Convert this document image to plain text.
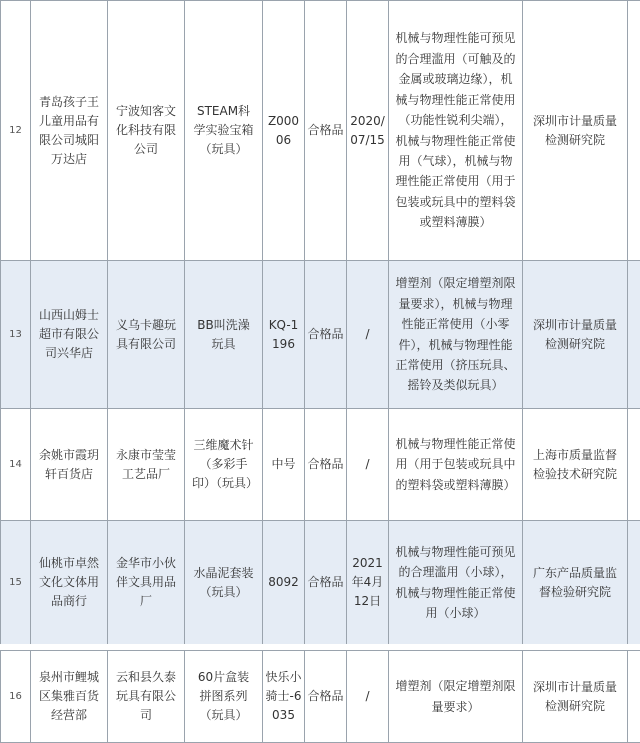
12	青岛孩子王儿童用品有限公司城阳万达店	宁波知客文化科技有限公司	STEAM科学实验宝箱（玩具）	Z00006	合格品	2020/07/15	机械与物理性能可预见的合理滥用（可触及的金属或玻璃边缘），机械与物理性能正常使用（功能性锐利尖端），机械与物理性能正常使用（气球），机械与物理性能正常使用（用于包装或玩具中的塑料袋或塑料薄膜）	深圳市计量质量检测研究院	
13	山西山姆士超市有限公司兴华店	义乌卡趣玩具有限公司	BB叫洗澡玩具	KQ-1196	合格品	/	增塑剂（限定增塑剂限量要求），机械与物理性能正常使用（小零件），机械与物理性能正常使用（挤压玩具、摇铃及类似玩具）	深圳市计量质量检测研究院	
14	余姚市霞玥轩百货店	永康市莹莹工艺品厂	三维魔术针（多彩手印）（玩具）	中号	合格品	/	机械与物理性能正常使用（用于包装或玩具中的塑料袋或塑料薄膜）	上海市质量监督检验技术研究院	
15	仙桃市卓然文化文体用品商行	金华市小伙伴文具用品厂	水晶泥套装（玩具）	8092	合格品	2021年4月12日	机械与物理性能可预见的合理滥用（小球），机械与物理性能正常使用（小球）	广东产品质量监督检验研究院	
16	泉州市鲤城区集雅百货经营部	云和县久泰玩具有限公司	60片盒装拼图系列（玩具）	快乐小骑士-6035	合格品	/	增塑剂（限定增塑剂限量要求）	深圳市计量质量检测研究院	
